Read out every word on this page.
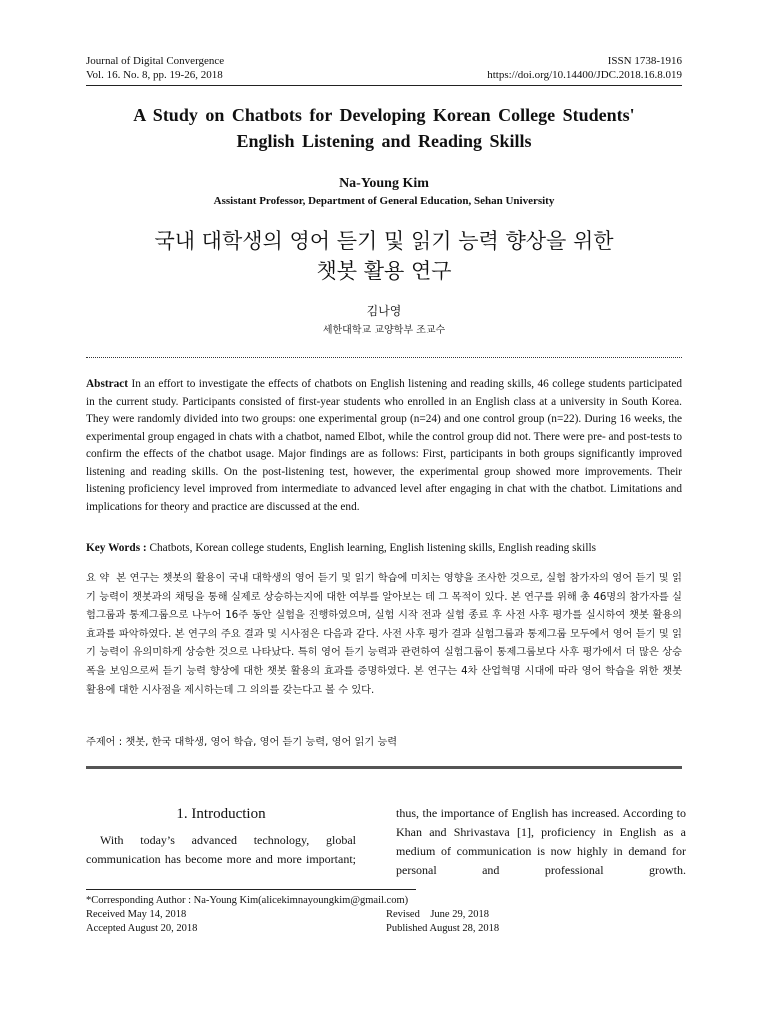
Journal of Digital Convergence
Vol. 16. No. 8, pp. 19-26, 2018
ISSN 1738-1916
https://doi.org/10.14400/JDC.2018.16.8.019
A Study on Chatbots for Developing Korean College Students'
English Listening and Reading Skills
Na-Young Kim
Assistant Professor, Department of General Education, Sehan University
국내 대학생의 영어 듣기 및 읽기 능력 향상을 위한
챗봇 활용 연구
김나영
세한대학교 교양학부 조교수
Abstract In an effort to investigate the effects of chatbots on English listening and reading skills, 46 college students participated in the current study. Participants consisted of first-year students who enrolled in an English class at a university in South Korea. They were randomly divided into two groups: one experimental group (n=24) and one control group (n=22). During 16 weeks, the experimental group engaged in chats with a chatbot, named Elbot, while the control group did not. There were pre- and post-tests to confirm the effects of the chatbot usage. Major findings are as follows: First, participants in both groups significantly improved listening and reading skills. On the post-listening test, however, the experimental group showed more improvements. Their listening proficiency level improved from intermediate to advanced level after engaging in chat with the chatbot. Limitations and implications for theory and practice are discussed at the end.
Key Words : Chatbots, Korean college students, English learning, English listening skills, English reading skills
요 약 본 연구는 챗봇의 활용이 국내 대학생의 영어 듣기 및 읽기 학습에 미치는 영향을 조사한 것으로, 실험 참가자의 영어 듣기 및 읽기 능력이 챗봇과의 채팅을 통해 실제로 상승하는지에 대한 여부를 알아보는 데 그 목적이 있다. 본 연구를 위해 총 46명의 참가자를 실험그룹과 통제그룹으로 나누어 16주 동안 실험을 진행하였으며, 실험 시작 전과 실험 종료 후 사전 사후 평가를 실시하여 챗봇 활용의 효과를 파악하였다. 본 연구의 주요 결과 및 시사점은 다음과 같다. 사전 사후 평가 결과 실험그룹과 통제그룹 모두에서 영어 듣기 및 읽기 능력이 유의미하게 상승한 것으로 나타났다. 특히 영어 듣기 능력과 관련하여 실험그룹이 통제그룹보다 사후 평가에서 더 많은 상승폭을 보임으로써 듣기 능력 향상에 대한 챗봇 활용의 효과를 증명하였다. 본 연구는 4차 산업혁명 시대에 따라 영어 학습을 위한 챗봇 활용에 대한 시사점을 제시하는데 그 의의를 갖는다고 볼 수 있다.
주제어 : 챗봇, 한국 대학생, 영어 학습, 영어 듣기 능력, 영어 읽기 능력
1. Introduction
With today’s advanced technology, global communication has become more and more important;
thus, the importance of English has increased. According to Khan and Shrivastava [1], proficiency in English as a medium of communication is now highly in demand for personal and professional growth.
*Corresponding Author : Na-Young Kim(alicekimnayoungkim@gmail.com)
Received May 14, 2018
Accepted August 20, 2018
Revised    June 29, 2018
Published August 28, 2018
